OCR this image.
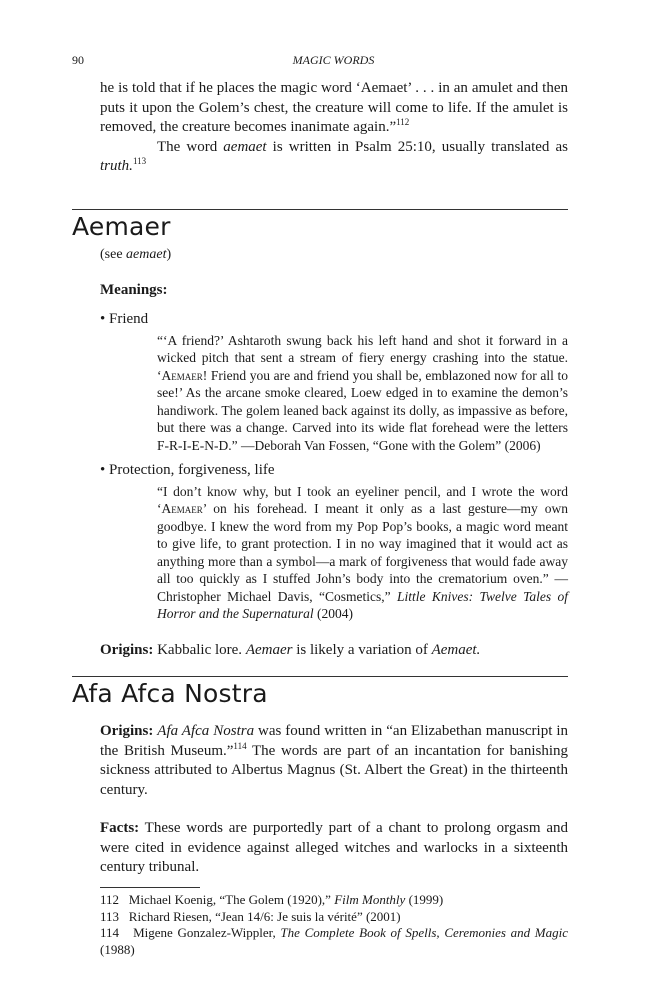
90	MAGIC WORDS

he is told that if he places the magic word ‘Aemaet’ . . . in an amulet and then puts it upon the Golem’s chest, the creature will come to life. If the amulet is removed, the creature becomes inanimate again.”$^{112}$

The word aemaet is written in Psalm 25:10, usually translated as truth.$^{113}$

Aemaer

(see aemaet)

Meanings:

• Friend

“‘A friend?’ Ashtaroth swung back his left hand and shot it forward in a wicked pitch that sent a stream of fiery energy crashing into the statue. ‘Aemaer! Friend you are and friend you shall be, emblazoned now for all to see!’ As the arcane smoke cleared, Loew edged in to examine the demon’s handiwork. The golem leaned back against its dolly, as impassive as before, but there was a change. Carved into its wide flat forehead were the letters F-R-I-E-N-D.” —Deborah Van Fossen, “Gone with the Golem” (2006)

• Protection, forgiveness, life

“I don’t know why, but I took an eyeliner pencil, and I wrote the word ‘Aemaer’ on his forehead. I meant it only as a last gesture—my own goodbye. I knew the word from my Pop Pop’s books, a magic word meant to give life, to grant protection. I in no way imagined that it would act as anything more than a symbol—a mark of forgiveness that would fade away all too quickly as I stuffed John’s body into the crematorium oven.” —Christopher Michael Davis, “Cosmetics,” Little Knives: Twelve Tales of Horror and the Supernatural (2004)

Origins: Kabbalic lore. Aemaer is likely a variation of Aemaet.

Afa Afca Nostra

Origins: Afa Afca Nostra was found written in “an Elizabethan manuscript in the British Museum.”$^{114}$ The words are part of an incantation for banishing sickness attributed to Albertus Magnus (St. Albert the Great) in the thirteenth century.

Facts: These words are purportedly part of a chant to prolong orgasm and were cited in evidence against alleged witches and warlocks in a sixteenth century tribunal.

112 Michael Koenig, “The Golem (1920),” Film Monthly (1999)

113 Richard Riesen, “Jean 14/6: Je suis la vérité” (2001)

114 Migene Gonzalez-Wippler, The Complete Book of Spells, Ceremonies and Magic (1988)
